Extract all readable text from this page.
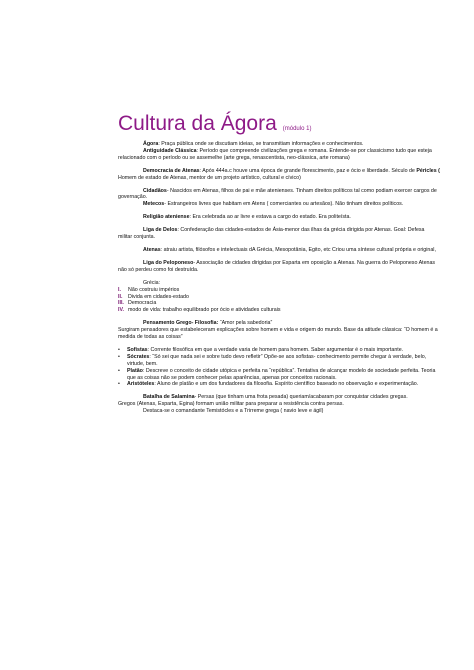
Cultura da Ágora (módulo 1)

Ágora: Praça pública onde se discutiam ideias, se transmitiam informações e conhecimentos.

Antiguidade Clássica: Período que compreende civilizações grega e romana. Entende-se por classicismo tudo que esteja relacionado com o período ou se assemelhe (arte grega, renascentista, neo-clássica, arte romana)

Democracia de Atenas: Após 444a.c houve uma época de grande florescimento, paz e ócio e liberdade. Século de Péricles ( Homem de estado de Atenas, mentor de um projeto artístico, cultural e cívico)

Cidadãos- Nascidos em Atenas, filhos de pai e mãe atenienses. Tinham direitos políticos tal como podiam exercer cargos de governação.

Metecos- Estrangeiros livres que habitam em Atens ( comerciantes ou artesãos). Não tinham direitos políticos.

Religião ateniense: Era celebrada ao ar livre e estava a cargo do estado. Era politeísta.

Liga de Delos: Confederação das cidades-estados de Ásia-menor das ilhas da grécia dirigida por Atenas. Goal: Defesa militar conjunta.

Atenas: atraiu artista, filósofos e intelectuais dA Grécia, Mesopotânia, Egito, etc Criou uma síntese cultural própria e original,

Liga do Peloponeso- Associação de cidades dirigidas por Esparta em oposição a Atenas. Na guerra do Peloponeso Atenas não só perdeu como foi destruída.

Grécia:

I.	Não costruiu impérios
II.	Divida em cidades-estado
III. Democracia
IV. modo de vida: trabalho equilibrado por ócio e atividades culturais

Pensamento Grego- Filosofia: “Amor pela sabedoria”

Surgiram pensadores que estabeleceram explicações sobre homem e vida e origem do mundo. Base da atitude clássica: “O homem é a medida de todas as coisas”

•	Sofistas: Corrente filosófica em que a verdade varia de homem para homem. Saber argumentar é o mais importante.
•	Sócrates: “Só sei que nada sei e sobre tudo devo refletir” Opõe-se aos sofistas- conhecimento permite chegar à verdade, belo, virtude, bem.
•	Platão: Descreve o conceito de cidade utópica e perfeita na “república”. Tentativa de alcançar modelo de sociedade perfeita. Teoria que as coisas não se podem conhecer pelas aparências, apenas por conceitos racionais.
•	Aristóteles: Aluno de platão e um dos fundadores da filosofia. Espírito científico baseado no observação e experimentação.

Batalha de Salamina- Persas (que tinham uma frota pesada) queriam/acabaram por conquistar cidades gregas.

Gregos (Atenas, Esparta, Egina) formam união militar para preparar a resistência contra persas.

Destaca-se o comandante Temistócles e a Trirreme grega ( navio leve e ágil)
